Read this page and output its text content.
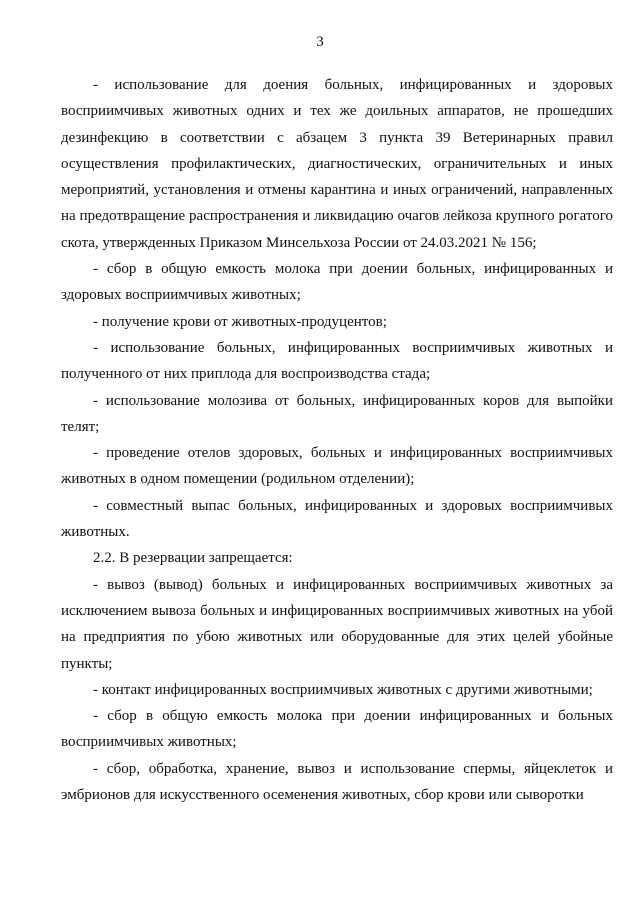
3

- использование для доения больных, инфицированных и здоровых восприимчивых животных одних и тех же доильных аппаратов, не прошедших дезинфекцию в соответствии с абзацем 3 пункта 39 Ветеринарных правил осуществления профилактических, диагностических, ограничительных и иных мероприятий, установления и отмены карантина и иных ограничений, направленных на предотвращение распространения и ликвидацию очагов лейкоза крупного рогатого скота, утвержденных Приказом Минсельхоза России от 24.03.2021 № 156;

- сбор в общую емкость молока при доении больных, инфицированных и здоровых восприимчивых животных;

- получение крови от животных-продуцентов;

- использование больных, инфицированных восприимчивых животных и полученного от них приплода для воспроизводства стада;

- использование молозива от больных, инфицированных коров для выпойки телят;

- проведение отелов здоровых, больных и инфицированных восприимчивых животных в одном помещении (родильном отделении);

- совместный выпас больных, инфицированных и здоровых восприимчивых животных.

2.2. В резервации запрещается:

- вывоз (вывод) больных и инфицированных восприимчивых животных за исключением вывоза больных и инфицированных восприимчивых животных на убой на предприятия по убою животных или оборудованные для этих целей убойные пункты;

- контакт инфицированных восприимчивых животных с другими животными;

- сбор в общую емкость молока при доении инфицированных и больных восприимчивых животных;

- сбор, обработка, хранение, вывоз и использование спермы, яйцеклеток и эмбрионов для искусственного осеменения животных, сбор крови или сыворотки
